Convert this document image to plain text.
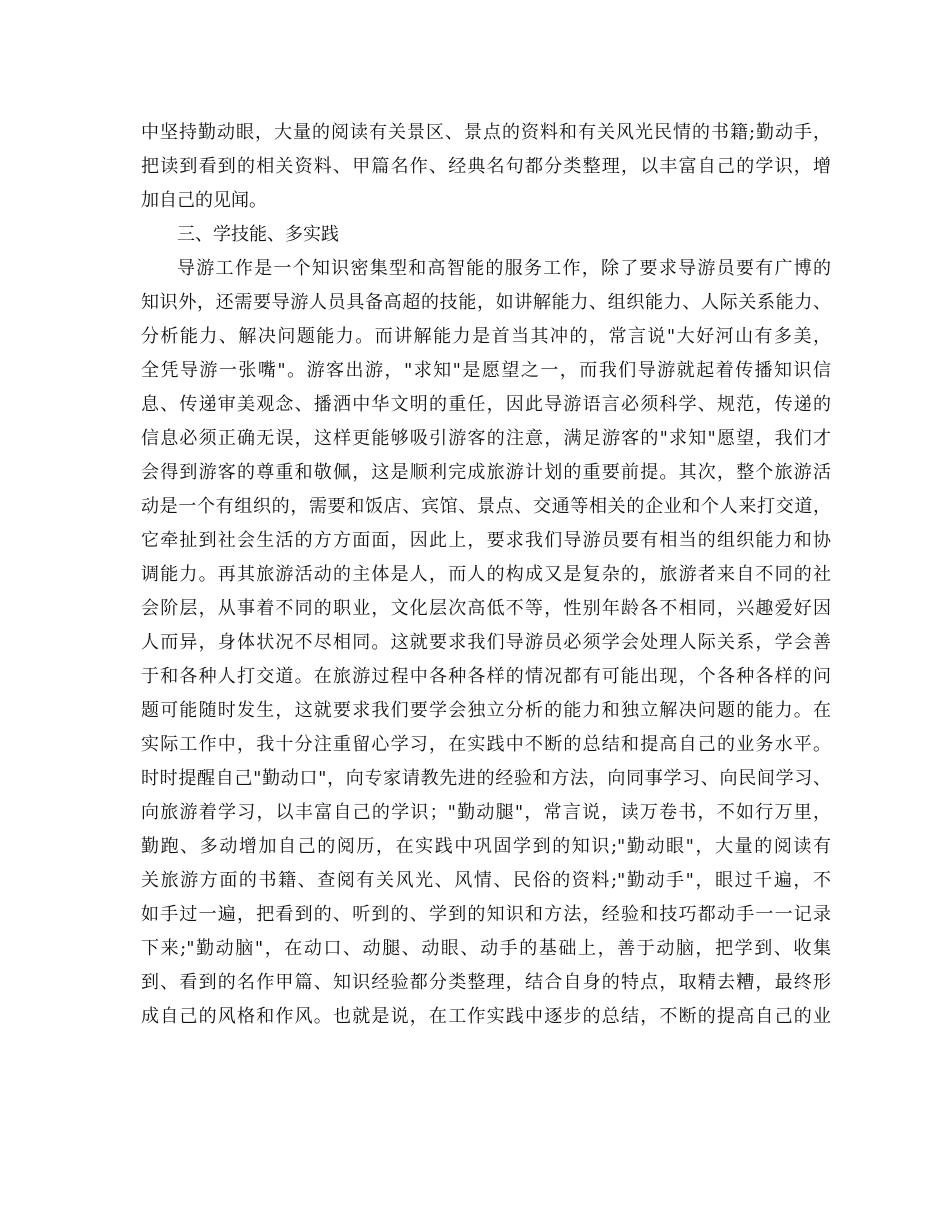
中坚持勤动眼，大量的阅读有关景区、景点的资料和有关风光民情的书籍;勤动手，
把读到看到的相关资料、甲篇名作、经典名句都分类整理，以丰富自己的学识，增
加自己的见闻。
三、学技能、多实践
导游工作是一个知识密集型和高智能的服务工作，除了要求导游员要有广博的
知识外，还需要导游人员具备高超的技能，如讲解能力、组织能力、人际关系能力、
分析能力、解决问题能力。而讲解能力是首当其冲的，常言说"大好河山有多美，
全凭导游一张嘴"。游客出游，"求知"是愿望之一，而我们导游就起着传播知识信
息、传递审美观念、播洒中华文明的重任，因此导游语言必须科学、规范，传递的
信息必须正确无误，这样更能够吸引游客的注意，满足游客的"求知"愿望，我们才
会得到游客的尊重和敬佩，这是顺利完成旅游计划的重要前提。其次，整个旅游活
动是一个有组织的，需要和饭店、宾馆、景点、交通等相关的企业和个人来打交道，
它牵扯到社会生活的方方面面，因此上，要求我们导游员要有相当的组织能力和协
调能力。再其旅游活动的主体是人，而人的构成又是复杂的，旅游者来自不同的社
会阶层，从事着不同的职业，文化层次高低不等，性别年龄各不相同，兴趣爱好因
人而异，身体状况不尽相同。这就要求我们导游员必须学会处理人际关系，学会善
于和各种人打交道。在旅游过程中各种各样的情况都有可能出现，个各种各样的问
题可能随时发生，这就要求我们要学会独立分析的能力和独立解决问题的能力。在
实际工作中，我十分注重留心学习，在实践中不断的总结和提高自己的业务水平。
时时提醒自己"勤动口"，向专家请教先进的经验和方法，向同事学习、向民间学习、
向旅游着学习，以丰富自己的学识；"勤动腿"，常言说，读万卷书，不如行万里，
勤跑、多动增加自己的阅历，在实践中巩固学到的知识;"勤动眼"，大量的阅读有
关旅游方面的书籍、查阅有关风光、风情、民俗的资料;"勤动手"，眼过千遍，不
如手过一遍，把看到的、听到的、学到的知识和方法，经验和技巧都动手一一记录
下来;"勤动脑"，在动口、动腿、动眼、动手的基础上，善于动脑，把学到、收集
到、看到的名作甲篇、知识经验都分类整理，结合自身的特点，取精去糟，最终形
成自己的风格和作风。也就是说，在工作实践中逐步的总结，不断的提高自己的业
